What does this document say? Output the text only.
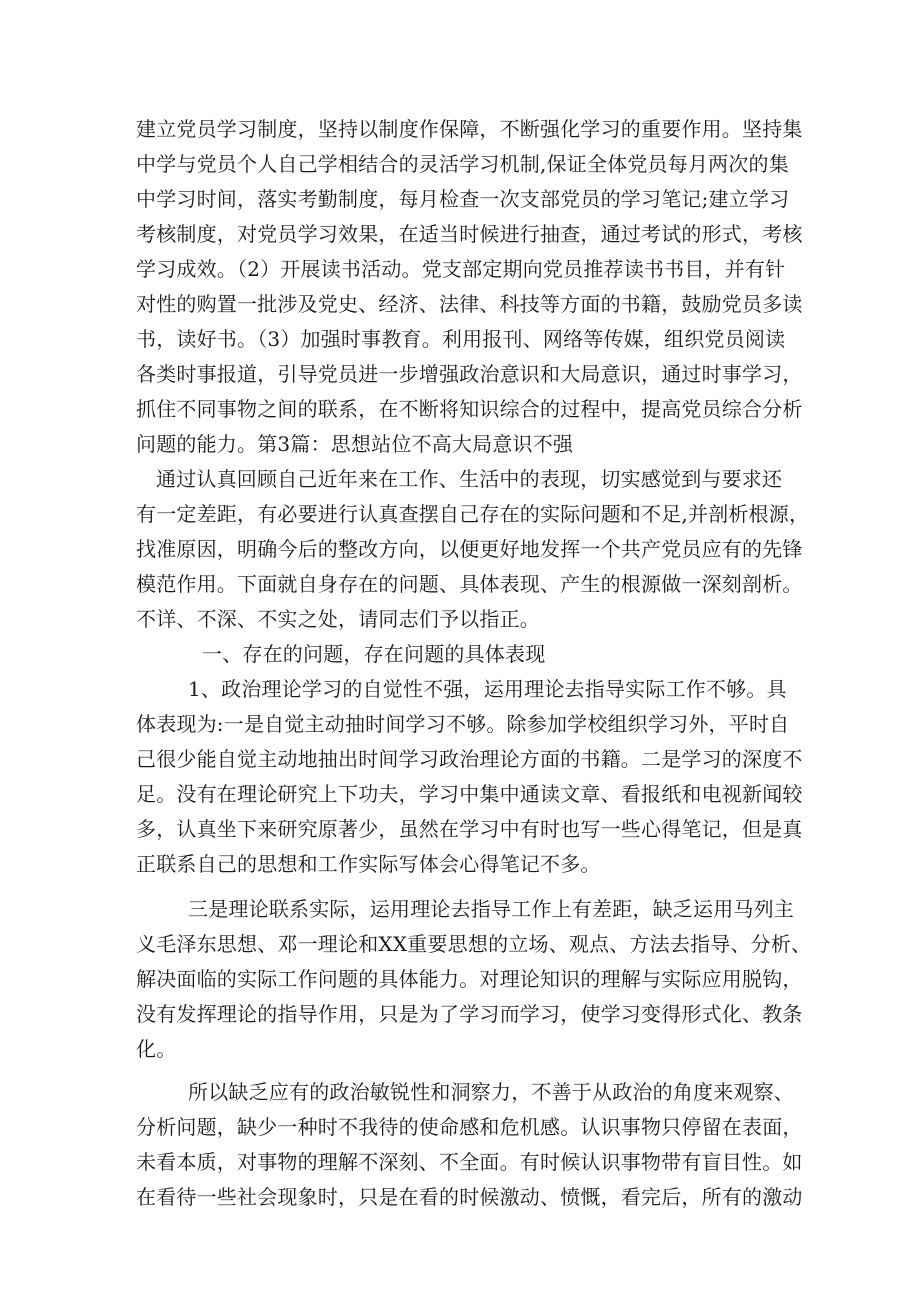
建立党员学习制度，坚持以制度作保障，不断强化学习的重要作用。坚持集
中学与党员个人自己学相结合的灵活学习机制,保证全体党员每月两次的集
中学习时间，落实考勤制度，每月检查一次支部党员的学习笔记;建立学习
考核制度，对党员学习效果，在适当时候进行抽查，通过考试的形式，考核
学习成效。（2）开展读书活动。党支部定期向党员推荐读书书目，并有针
对性的购置一批涉及党史、经济、法律、科技等方面的书籍，鼓励党员多读
书，读好书。（3）加强时事教育。利用报刊、网络等传媒，组织党员阅读
各类时事报道，引导党员进一步增强政治意识和大局意识，通过时事学习，
抓住不同事物之间的联系，在不断将知识综合的过程中，提高党员综合分析
问题的能力。第3篇：思想站位不高大局意识不强
通过认真回顾自己近年来在工作、生活中的表现，切实感觉到与要求还
有一定差距，有必要进行认真查摆自己存在的实际问题和不足,并剖析根源，
找准原因，明确今后的整改方向，以便更好地发挥一个共产党员应有的先锋
模范作用。下面就自身存在的问题、具体表现、产生的根源做一深刻剖析。
不详、不深、不实之处，请同志们予以指正。
一、存在的问题，存在问题的具体表现
1、政治理论学习的自觉性不强，运用理论去指导实际工作不够。具
体表现为:一是自觉主动抽时间学习不够。除参加学校组织学习外，平时自
己很少能自觉主动地抽出时间学习政治理论方面的书籍。二是学习的深度不
足。没有在理论研究上下功夫，学习中集中通读文章、看报纸和电视新闻较
多，认真坐下来研究原著少，虽然在学习中有时也写一些心得笔记，但是真
正联系自己的思想和工作实际写体会心得笔记不多。
三是理论联系实际，运用理论去指导工作上有差距，缺乏运用马列主
义毛泽东思想、邓一理论和XX重要思想的立场、观点、方法去指导、分析、
解决面临的实际工作问题的具体能力。对理论知识的理解与实际应用脱钩，
没有发挥理论的指导作用，只是为了学习而学习，使学习变得形式化、教条
化。
所以缺乏应有的政治敏锐性和洞察力，不善于从政治的角度来观察、
分析问题，缺少一种时不我待的使命感和危机感。认识事物只停留在表面，
未看本质，对事物的理解不深刻、不全面。有时候认识事物带有盲目性。如
在看待一些社会现象时，只是在看的时候激动、愤慨，看完后，所有的激动
